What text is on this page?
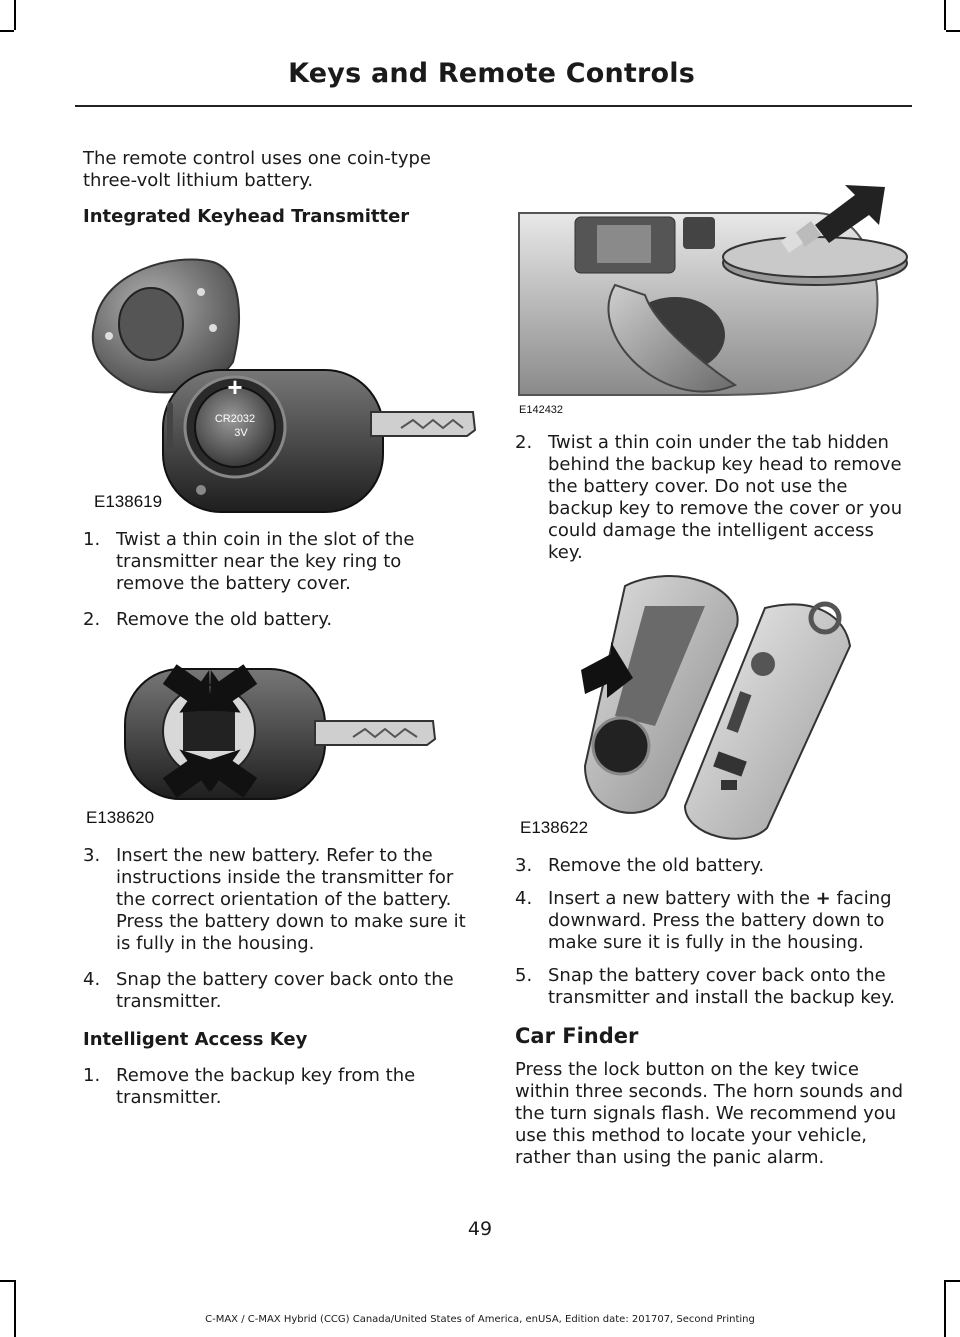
Keys and Remote Controls

The remote control uses one coin-type three-volt lithium battery.

Integrated Keyhead Transmitter

+
CR2032
3V
E138619

1. Twist a thin coin in the slot of the transmitter near the key ring to remove the battery cover.

2. Remove the old battery.

E138620

3. Insert the new battery. Refer to the instructions inside the transmitter for the correct orientation of the battery. Press the battery down to make sure it is fully in the housing.

4. Snap the battery cover back onto the transmitter.

Intelligent Access Key

1. Remove the backup key from the transmitter.

E142432

2. Twist a thin coin under the tab hidden behind the backup key head to remove the battery cover. Do not use the backup key to remove the cover or you could damage the intelligent access key.

E138622

3. Remove the old battery.

4. Insert a new battery with the + facing downward. Press the battery down to make sure it is fully in the housing.

5. Snap the battery cover back onto the transmitter and install the backup key.

Car Finder

Press the lock button on the key twice within three seconds. The horn sounds and the turn signals flash. We recommend you use this method to locate your vehicle, rather than using the panic alarm.

49
C-MAX / C-MAX Hybrid (CCG) Canada/United States of America, enUSA, Edition date: 201707, Second Printing
